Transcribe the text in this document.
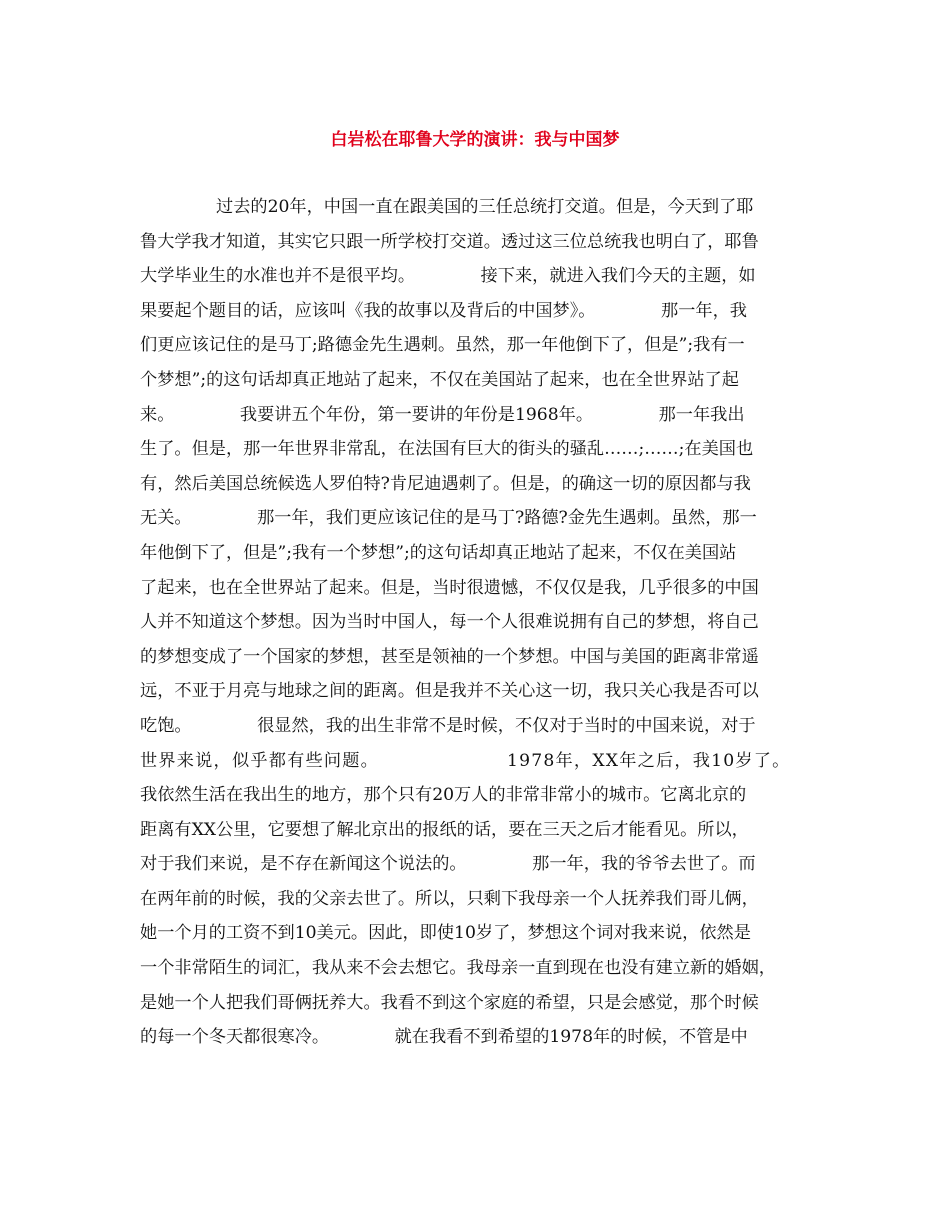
白岩松在耶鲁大学的演讲：我与中国梦
过去的20年，中国一直在跟美国的三任总统打交道。但是，今天到了耶
鲁大学我才知道，其实它只跟一所学校打交道。透过这三位总统我也明白了，耶鲁
大学毕业生的水准也并不是很平均。            接下来，就进入我们今天的主题，如
果要起个题目的话，应该叫《我的故事以及背后的中国梦》。            那一年，我
们更应该记住的是马丁;路德金先生遇刺。虽然，那一年他倒下了，但是”;我有一
个梦想”;的这句话却真正地站了起来，不仅在美国站了起来，也在全世界站了起
来。            我要讲五个年份，第一要讲的年份是1968年。            那一年我出
生了。但是，那一年世界非常乱，在法国有巨大的街头的骚乱……;……;在美国也
有，然后美国总统候选人罗伯特?肯尼迪遇刺了。但是，的确这一切的原因都与我
无关。            那一年，我们更应该记住的是马丁?路德?金先生遇刺。虽然，那一
年他倒下了，但是”;我有一个梦想”;的这句话却真正地站了起来，不仅在美国站
了起来，也在全世界站了起来。但是，当时很遗憾，不仅仅是我，几乎很多的中国
人并不知道这个梦想。因为当时中国人，每一个人很难说拥有自己的梦想，将自己
的梦想变成了一个国家的梦想，甚至是领袖的一个梦想。中国与美国的距离非常遥
远，不亚于月亮与地球之间的距离。但是我并不关心这一切，我只关心我是否可以
吃饱。            很显然，我的出生非常不是时候，不仅对于当时的中国来说，对于
世界来说，似乎都有些问题。            1978年，XX年之后，我10岁了。
我依然生活在我出生的地方，那个只有20万人的非常非常小的城市。它离北京的
距离有XX公里，它要想了解北京出的报纸的话，要在三天之后才能看见。所以，
对于我们来说，是不存在新闻这个说法的。            那一年，我的爷爷去世了。而
在两年前的时候，我的父亲去世了。所以，只剩下我母亲一个人抚养我们哥儿俩，
她一个月的工资不到10美元。因此，即使10岁了，梦想这个词对我来说，依然是
一个非常陌生的词汇，我从来不会去想它。我母亲一直到现在也没有建立新的婚姻，
是她一个人把我们哥俩抚养大。我看不到这个家庭的希望，只是会感觉，那个时候
的每一个冬天都很寒冷。            就在我看不到希望的1978年的时候，不管是中
